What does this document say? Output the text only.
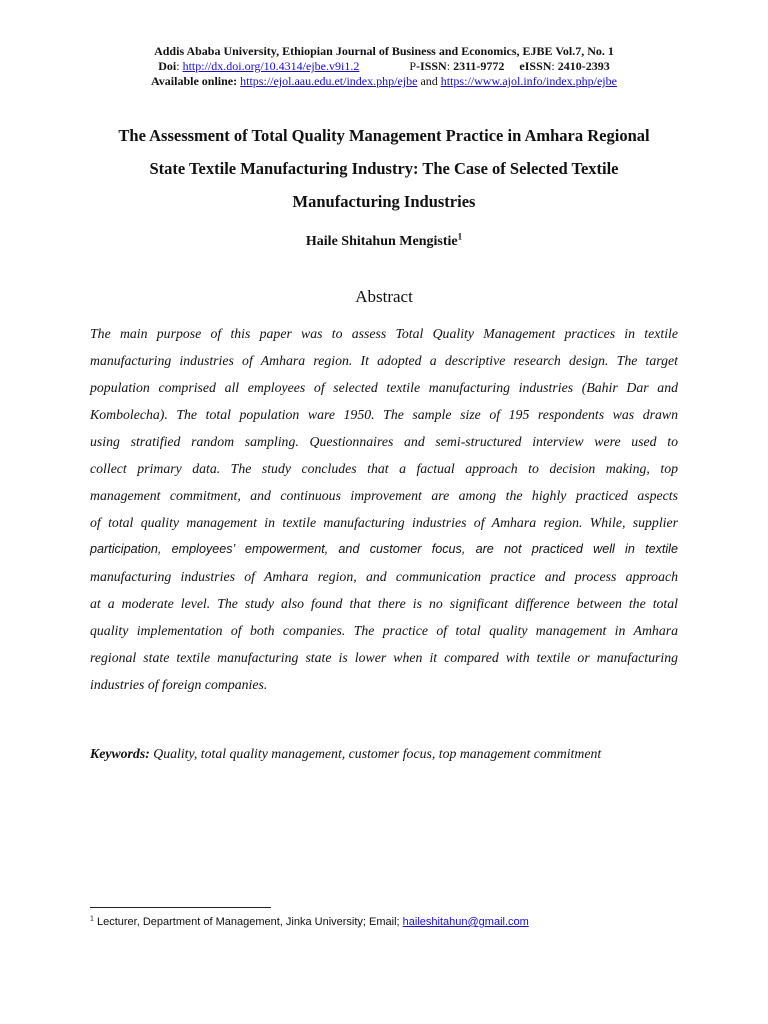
Addis Ababa University, Ethiopian Journal of Business and Economics, EJBE Vol.7, No. 1
Doi: http://dx.doi.org/10.4314/ejbe.v9i1.2	P-ISSN: 2311-9772 eISSN: 2410-2393
Available online: https://ejol.aau.edu.et/index.php/ejbe and https://www.ajol.info/index.php/ejbe
The Assessment of Total Quality Management Practice in Amhara Regional
State Textile Manufacturing Industry: The Case of Selected Textile
Manufacturing Industries
Haile Shitahun Mengistie$^1$
Abstract
The main purpose of this paper was to assess Total Quality Management practices in textile
manufacturing industries of Amhara region. It adopted a descriptive research design. The target
population comprised all employees of selected textile manufacturing industries (Bahir Dar and
Kombolecha). The total population ware 1950. The sample size of 195 respondents was drawn
using stratified random sampling. Questionnaires and semi-structured interview were used to
collect primary data. The study concludes that a factual approach to decision making, top
management commitment, and continuous improvement are among the highly practiced aspects
of total quality management in textile manufacturing industries of Amhara region. While, supplier
participation, employees’ empowerment, and customer focus, are not practiced well in textile
manufacturing industries of Amhara region, and communication practice and process approach
at a moderate level. The study also found that there is no significant difference between the total
quality implementation of both companies. The practice of total quality management in Amhara
regional state textile manufacturing state is lower when it compared with textile or manufacturing
industries of foreign companies.
Keywords: Quality, total quality management, customer focus, top management commitment
$^1$ Lecturer, Department of Management, Jinka University; Email; haileshitahun@gmail.com
